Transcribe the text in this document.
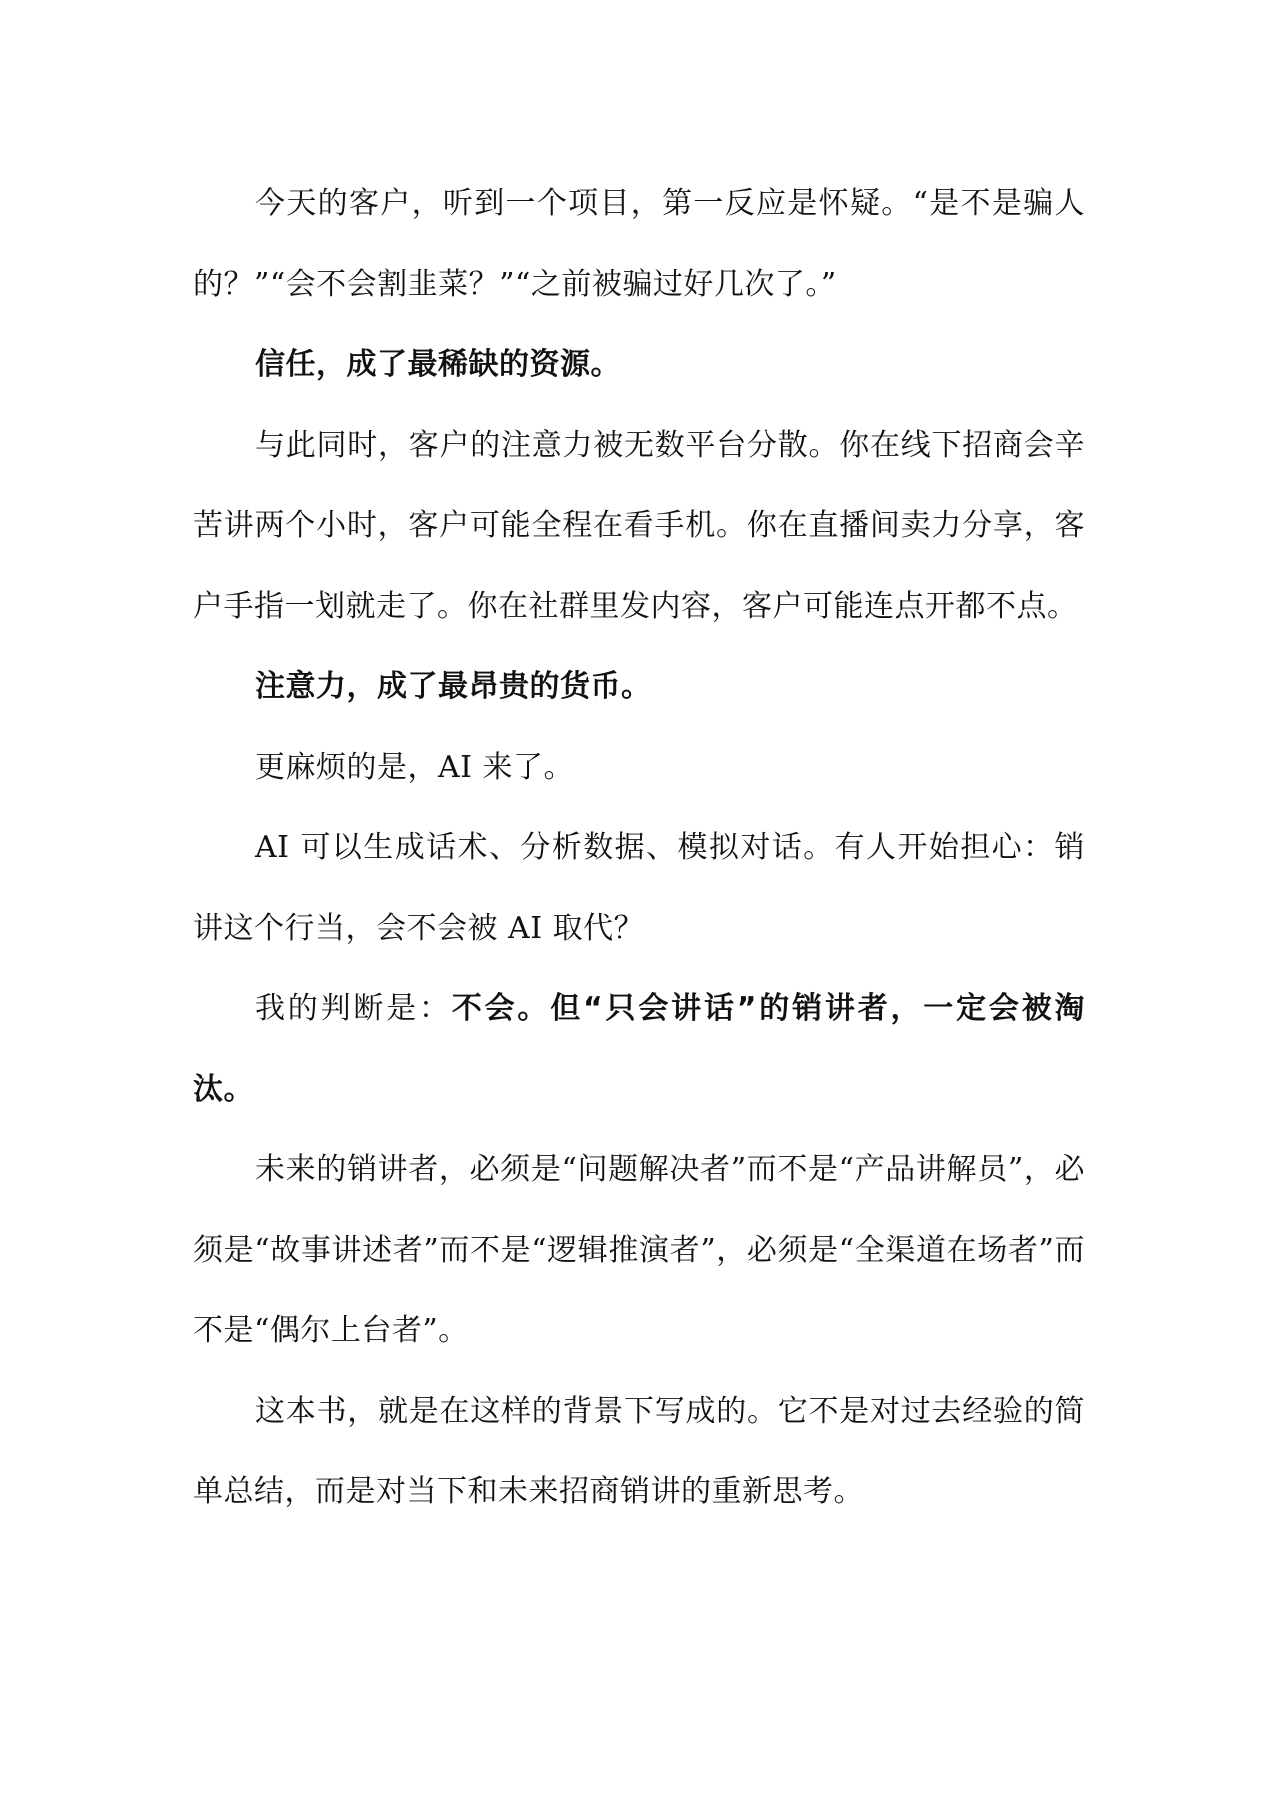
今天的客户，听到一个项目，第一反应是怀疑。“是不是骗人的？”“会不会割韭菜？”“之前被骗过好几次了。”

信任，成了最稀缺的资源。

与此同时，客户的注意力被无数平台分散。你在线下招商会辛苦讲两个小时，客户可能全程在看手机。你在直播间卖力分享，客户手指一划就走了。你在社群里发内容，客户可能连点开都不点。

注意力，成了最昂贵的货币。

更麻烦的是，AI 来了。

AI 可以生成话术、分析数据、模拟对话。有人开始担心：销讲这个行当，会不会被 AI 取代？

我的判断是：不会。但“只会讲话”的销讲者，一定会被淘汰。

未来的销讲者，必须是“问题解决者”而不是“产品讲解员”，必须是“故事讲述者”而不是“逻辑推演者”，必须是“全渠道在场者”而不是“偶尔上台者”。

这本书，就是在这样的背景下写成的。它不是对过去经验的简单总结，而是对当下和未来招商销讲的重新思考。
